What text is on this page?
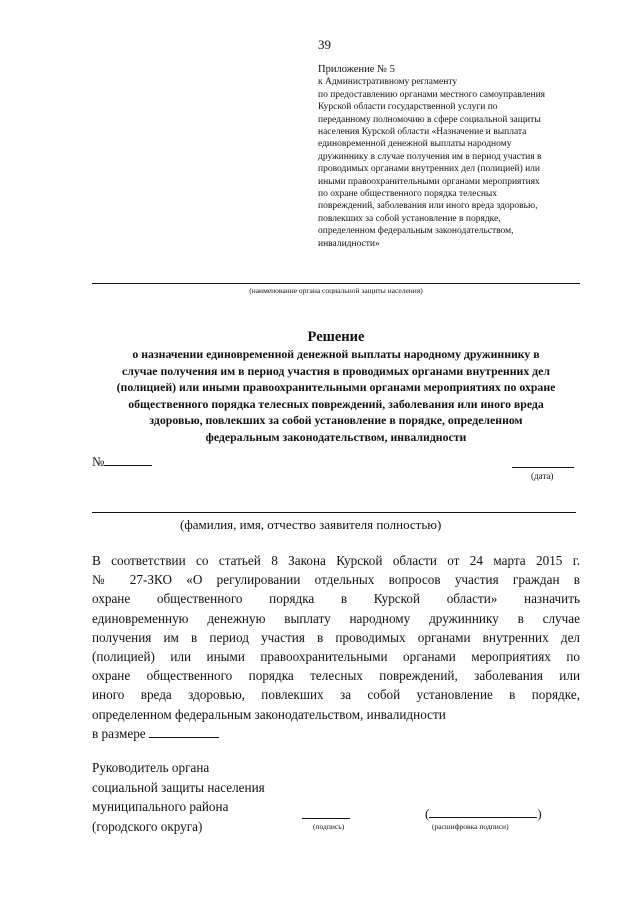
39
Приложение № 5
к Административному регламенту
по предоставлению органами местного самоуправления
Курской области государственной услуги по
переданному полномочию в сфере социальной защиты
населения Курской области «Назначение и выплата
единовременной денежной выплаты народному
дружиннику в случае получения им в период участия в
проводимых органами внутренних дел (полицией) или
иными правоохранительными органами мероприятиях
по охране общественного порядка телесных
повреждений, заболевания или иного вреда здоровью,
повлекших за собой установление в порядке,
определенном федеральным законодательством,
инвалидности»
(наименование органа социальной защиты населения)
Решение
о назначении единовременной денежной выплаты народному дружиннику в
случае получения им в период участия в проводимых органами внутренних дел
(полицией) или иными правоохранительными органами мероприятиях по охране
общественного порядка телесных повреждений, заболевания или иного вреда
здоровью, повлекших за собой установление в порядке, определенном
федеральным законодательством, инвалидности
№
(дата)
(фамилия, имя, отчество заявителя полностью)
В соответствии со статьей 8 Закона Курской области от 24 марта 2015 г.
№ 27-ЗКО «О регулировании отдельных вопросов участия граждан в
охране общественного порядка в Курской области» назначить
единовременную денежную выплату народному дружиннику в случае
получения им в период участия в проводимых органами внутренних дел
(полицией) или иными правоохранительными органами мероприятиях по
охране общественного порядка телесных повреждений, заболевания или
иного вреда здоровью, повлекших за собой установление в порядке,
определенном федеральным законодательством, инвалидности
в размере
Руководитель органа
социальной защиты населения
муниципального района
(городского округа)	(подпись)
(	)
(расшифровка подписи)
